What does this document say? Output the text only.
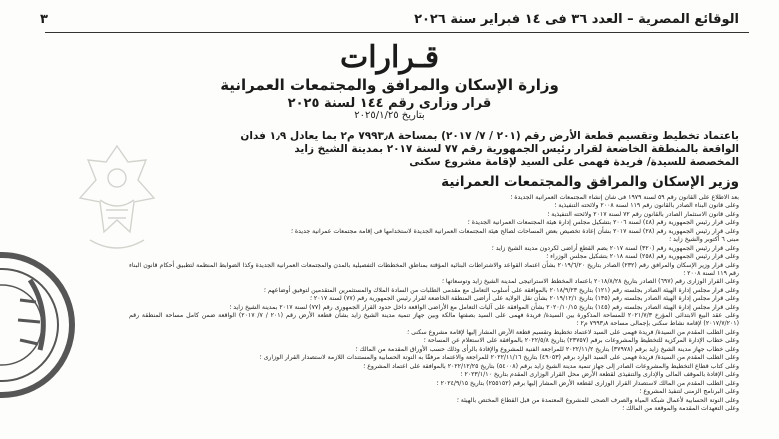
الوقائع المصرية – العدد ٣٦ فى ١٤ فبراير سنة ٢٠٢٦
٣
قـرارات
وزارة الإسكان والمرافق والمجتمعات العمرانية
قرار وزارى رقم ١٤٤ لسنة ٢٠٢٥
بتاريخ ٢٠٢٥/١/٢٥
باعتماد تخطيط وتقسيم قطعة الأرض رقم (٢٠١ / ٧/ ٢٠١٧) بمساحة ٧٩٩٣٫٨ م٢ بما يعادل ١٫٩ فدان
الواقعة بالمنطقة الخاضعة لقرار رئيس الجمهورية رقم ٧٧ لسنة ٢٠١٧ بمدينة الشيخ زايد
المخصصة للسيدة/ فريدة فهمى على السيد لإقامة مشروع سكنى
وزير الإسكان والمرافق والمجتمعات العمرانية

بعد الاطلاع على القانون رقم ٥٩ لسنة ١٩٧٩ فى شأن إنشاء المجتمعات العمرانية الجديدة ؛

وعلى قانون البناء الصادر بالقانون رقم ١١٩ لسنة ٢٠٠٨ ولائحته التنفيذية ؛

وعلى قانون الاستثمار الصادر بالقانون رقم ٧٢ لسنة ٢٠١٧ ولائحته التنفيذية ؛

وعلى قرار رئيس الجمهورية رقم (٤٨) لسنة ٢٠٠٦ بتشكيل مجلس إدارة هيئة المجتمعات العمرانية الجديدة ؛

وعلى قرار رئيس الجمهورية رقم (٢٨) لسنة ٢٠١٧ بشأن إعادة تخصيص بعض المساحات لصالح هيئة المجتمعات العمرانية الجديدة لاستخدامها فى إقامة مجتمعات عمرانية جديدة ؛

مبنى ٦ أكتوبر والشيخ زايد ؛

وعلى قرار رئيس الجمهورية رقم (٣٢٠) لسنة ٢٠١٧ بضم القطع أراضى لكردون مدينة الشيخ زايد ؛

وعلى قرار رئيس الجمهورية رقم (٢٥٨) لسنة ٢٠١٨ بتشكيل مجلس الوزراء ؛

وعلى قرار وزير الإسكان والمرافق رقم (٢٣٢) الصادر بتاريخ ٢٠١٩/٦/٢٠ بشأن اعتماد القواعد والاشتراطات البنائية المؤقتة بمناطق المخططات التفصيلية بالمدن والمجتمعات العمرانية الجديدة وكذا الضوابط المنظمة لتطبيق أحكام قانون البناء رقم ١١٩ لسنة ٢٠٠٨ ؛

وعلى القرار الوزارى رقم (٦٩٧) الصادر بتاريخ ٢٠١٨/٨/٢٨ باعتماد المخطط الاستراتيجى لمدينة الشيخ زايد وتوسعاتها ؛

وعلى قرار مجلس إدارة الهيئة الصادر بجلسته رقم (١٢١) بتاريخ ٢٠١٨/٩/٢٣ بالموافقة على أسلوب التعامل مع مقدمى الطلبات من السادة الملاك والمستثمرين المتقدمين لتوفيق أوضاعهم ؛

وعلى قرار مجلس إدارة الهيئة الصادر بجلسته رقم (١٣٥) بتاريخ ٢٠١٩/١٢/١ بشأن نقل الولاية على أراضى المنطقة الخاضعة لقرار رئيس الجمهورية رقم (٧٧) لسنة ٢٠١٧ ؛

وعلى قرار مجلس إدارة الهيئة الصادر بجلسته رقم (١٤٥) بتاريخ ٢٠٢٠/١٠/١٥ بشأن الموافقة على آليات التعامل مع الأراضى الواقعة داخل حدود القرار الجمهورى رقم (٧٧) لسنة ٢٠١٧ بمدينة الشيخ زايد ؛

وعلى عقد البيع الابتدائى المؤرخ ٢٠٢١/٧/٣ للمساحة المذكورة بين السيدة/ فريدة فهمى على السيد بصفتها مالكة وبين جهاز تنمية مدينة الشيخ زايد بشأن قطعة الأرض رقم (٢٠١ / ٧/ ٢٠١٧) الواقعة ضمن كامل مساحة المنطقة رقم (٢٠١٧/٧/٢٠١) لإقامة نشاط سكنى بإجمالى مساحة ٧٩٩٣٫٨ م٢ ؛

وعلى الطلب المقدم من السيدة/ فريدة فهمى على السيد لاعتماد تخطيط وتقسيم قطعة الأرض المشار إليها لإقامة مشروع سكنى ؛

وعلى خطاب الإدارة المركزية للتخطيط والمشروعات برقم (٢٣٧٥٧) بتاريخ ٢٠٢٢/٥/٨ بالموافقة على الاستعلام عن المساحة ؛

وعلى خطاب جهاز مدينة الشيخ زايد برقم (٣٧٩٧٨) بتاريخ ٢٠٢٢/١١/٢ للمراجعة الفنية للمشروع والإفادة بالرأى وذلك حسب الأوراق المقدمة من المالك ؛

وعلى الطلب المقدم من السيدة/ فريدة فهمى على السيد الوارد برقم (٤٩٠٥٣) بتاريخ ٢٠٢٢/١١/١٦ للمراجعة والاعتماد مرفقًا به النوتة الحسابية والمستندات اللازمة لاستصدار القرار الوزارى ؛

وعلى كتاب قطاع التخطيط والمشروعات الصادر إلى جهاز تنمية مدينة الشيخ زايد برقم (٥٤٠٠٨) بتاريخ ٢٠٢٢/١٢/٢٥ بالموافقة على اعتماد المشروع ؛

وعلى الإفادة بالموقف المالى والإدارى والتنفيذى لقطعة الأرض محل القرار الوزارى المقدم بتاريخ ٢٠٢٣/١/١٠ ؛

وعلى الطلب المقدم من المالك لاستصدار القرار الوزارى لقطعة الأرض المشار إليها برقم (٢٥٥١٥٢) بتاريخ ٢٠٢٤/٩/١٥ ؛

وعلى البرنامج الزمنى لتنفيذ المشروع ؛

وعلى النوتة الحسابية لأعمال شبكة المياه والصرف الصحى للمشروع المعتمدة من قبل القطاع المختص بالهيئة ؛

وعلى التعهدات المقدمة والموقعة من المالك ؛
